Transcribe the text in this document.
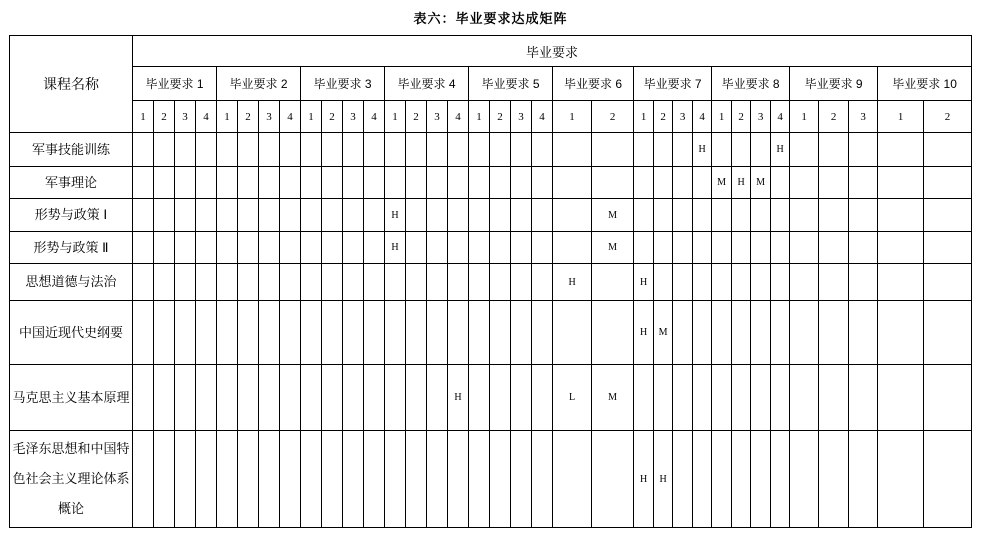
表六：毕业要求达成矩阵
课程名称	毕业要求																																		
	毕业要求 1				毕业要求 2				毕业要求 3				毕业要求 4				毕业要求 5				毕业要求 6		毕业要求 7				毕业要求 8				毕业要求 9			毕业要求 10	
	1	2	3	4	1	2	3	4	1	2	3	4	1	2	3	4	1	2	3	4	1	2	1	2	3	4	1	2	3	4	1	2	3	1	2
军事技能训练																										H				H					
军事理论																											M	H	M						
形势与政策 Ⅰ													H									M													
形势与政策 Ⅱ													H									M													
思想道德与法治																					H		H												
中国近现代史纲要																							H	M											
马克思主义基本原理																H					L	M													
毛泽东思想和中国特色社会主义理论体系概论																							H	H											
